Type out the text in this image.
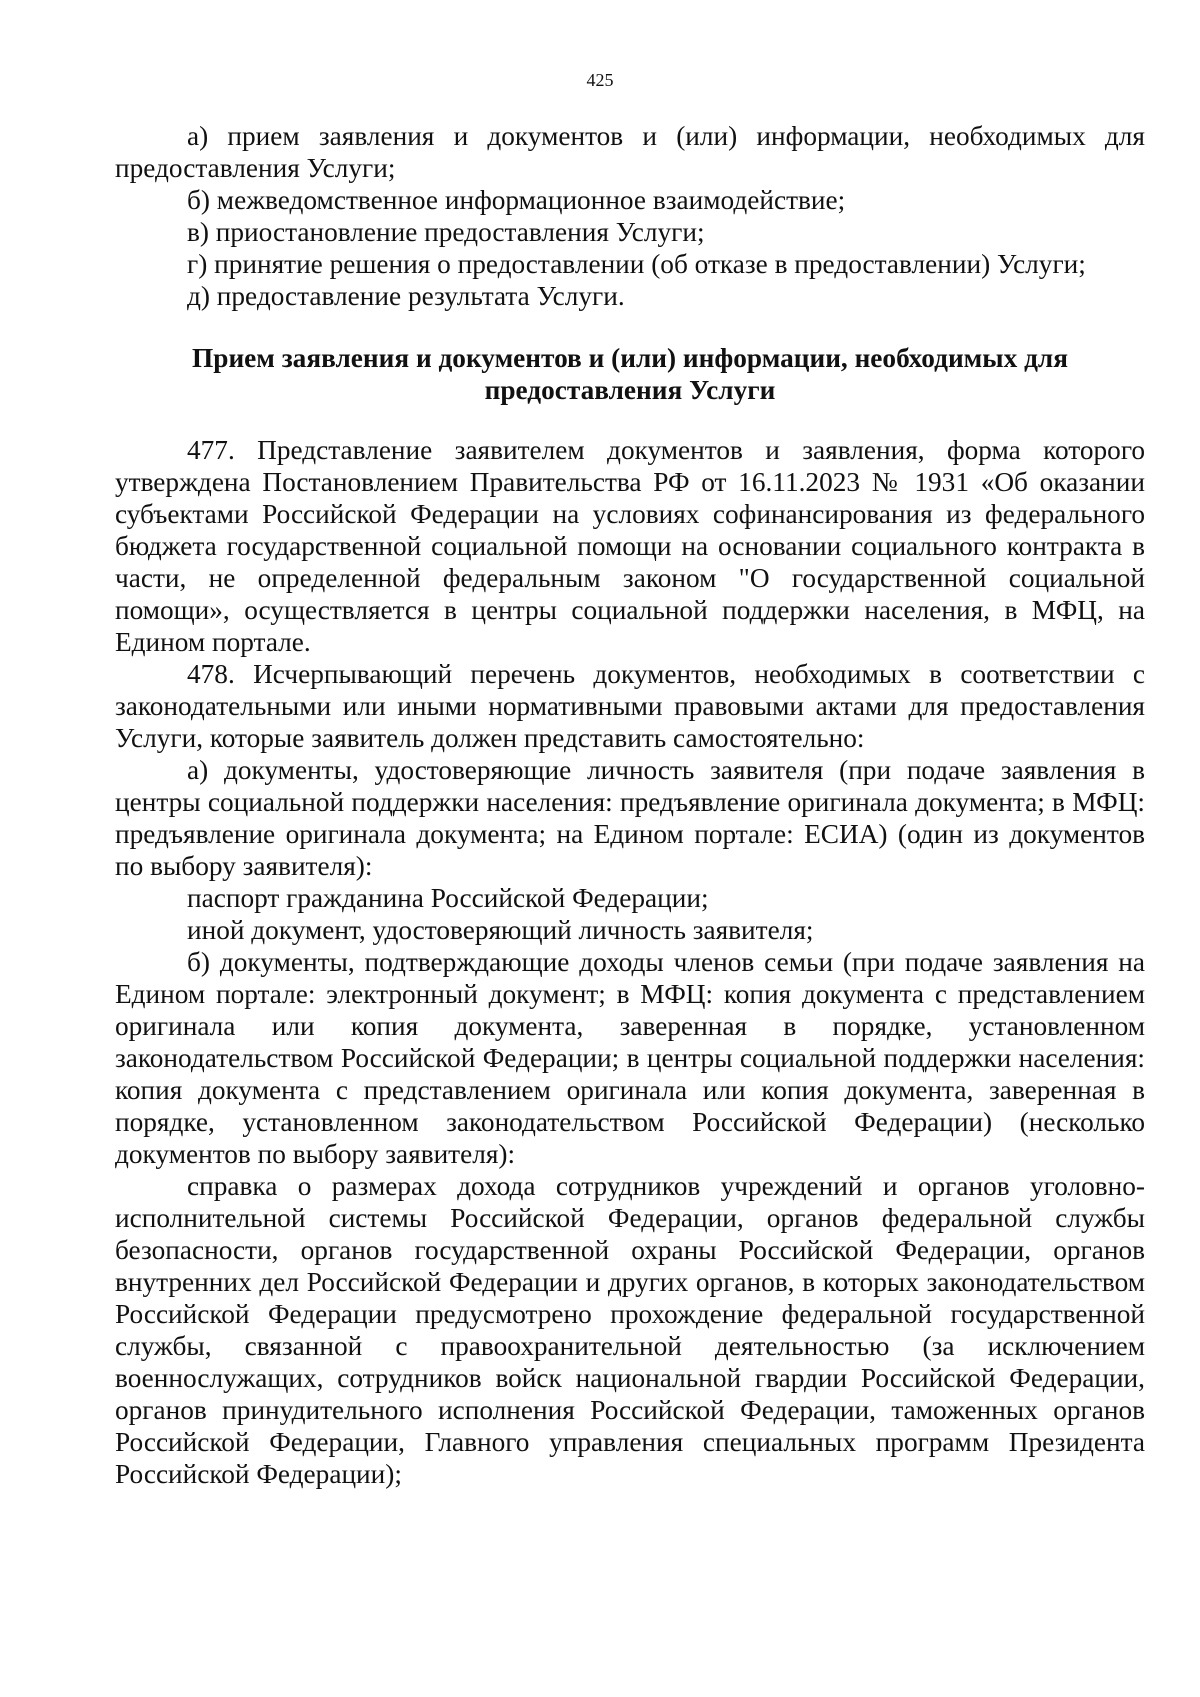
425

а) прием заявления и документов и (или) информации, необходимых для предоставления Услуги;

б) межведомственное информационное взаимодействие;

в) приостановление предоставления Услуги;

г) принятие решения о предоставлении (об отказе в предоставлении) Услуги;

д) предоставление результата Услуги.

Прием заявления и документов и (или) информации, необходимых для
предоставления Услуги

477. Представление заявителем документов и заявления, форма которого утверждена Постановлением Правительства РФ от 16.11.2023 № 1931 «Об оказании субъектами Российской Федерации на условиях софинансирования из федерального бюджета государственной социальной помощи на основании социального контракта в части, не определенной федеральным законом "О государственной социальной помощи», осуществляется в центры социальной поддержки населения, в МФЦ, на Едином портале.

478. Исчерпывающий перечень документов, необходимых в соответствии с законодательными или иными нормативными правовыми актами для предоставления Услуги, которые заявитель должен представить самостоятельно:

а) документы, удостоверяющие личность заявителя (при подаче заявления в центры социальной поддержки населения: предъявление оригинала документа; в МФЦ: предъявление оригинала документа; на Едином портале: ЕСИА) (один из документов по выбору заявителя):

паспорт гражданина Российской Федерации;

иной документ, удостоверяющий личность заявителя;

б) документы, подтверждающие доходы членов семьи (при подаче заявления на Едином портале: электронный документ; в МФЦ: копия документа с представлением оригинала или копия документа, заверенная в порядке, установленном законодательством Российской Федерации; в центры социальной поддержки населения: копия документа с представлением оригинала или копия документа, заверенная в порядке, установленном законодательством Российской Федерации) (несколько документов по выбору заявителя):

справка о размерах дохода сотрудников учреждений и органов уголовно-исполнительной системы Российской Федерации, органов федеральной службы безопасности, органов государственной охраны Российской Федерации, органов внутренних дел Российской Федерации и других органов, в которых законодательством Российской Федерации предусмотрено прохождение федеральной государственной службы, связанной с правоохранительной деятельностью (за исключением военнослужащих, сотрудников войск национальной гвардии Российской Федерации, органов принудительного исполнения Российской Федерации, таможенных органов Российской Федерации, Главного управления специальных программ Президента Российской Федерации);
